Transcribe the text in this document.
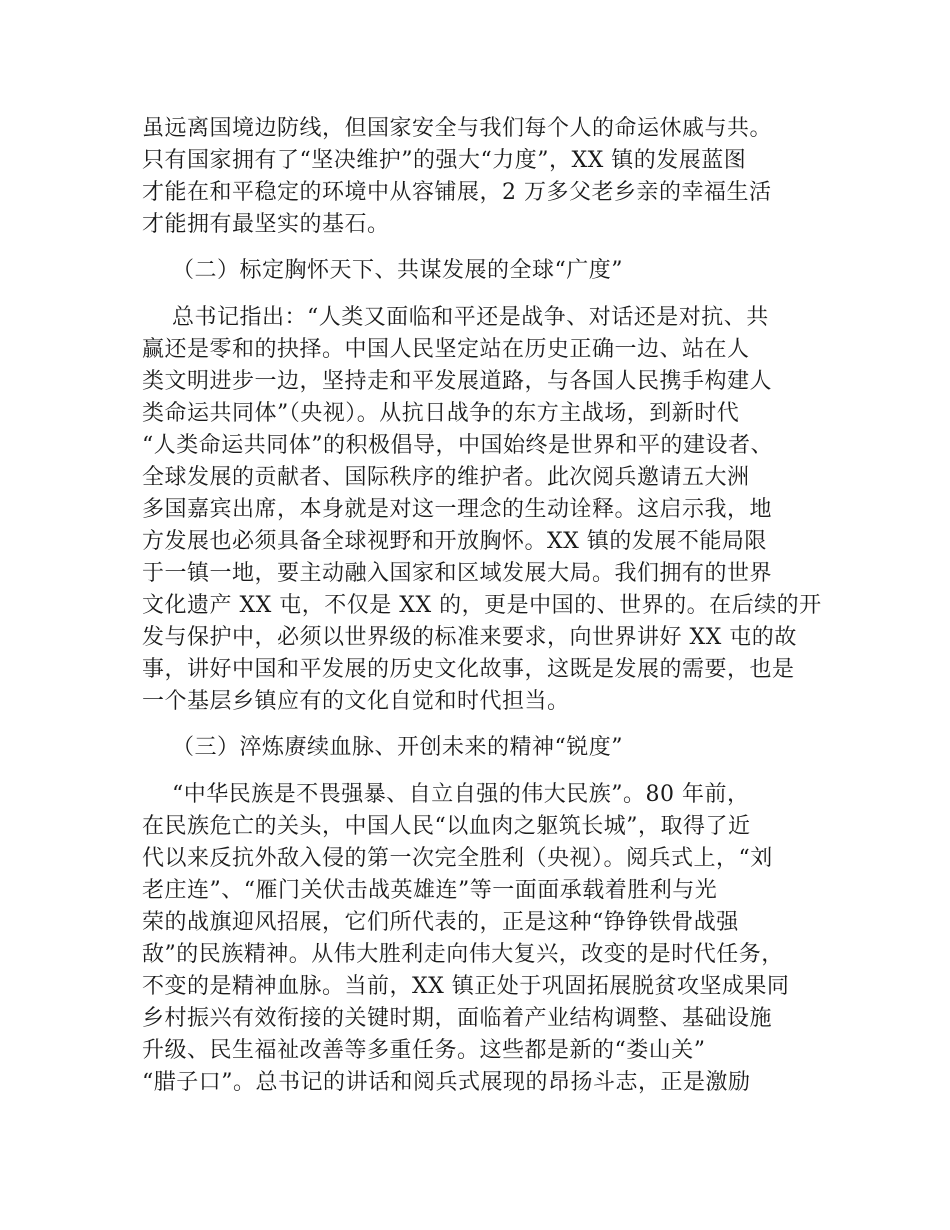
虽远离国境边防线，但国家安全与我们每个人的命运休戚与共。
只有国家拥有了“坚决维护”的强大“力度”，XX 镇的发展蓝图
才能在和平稳定的环境中从容铺展，2 万多父老乡亲的幸福生活
才能拥有最坚实的基石。
（二）标定胸怀天下、共谋发展的全球“广度”
总书记指出：“人类又面临和平还是战争、对话还是对抗、共
赢还是零和的抉择。中国人民坚定站在历史正确一边、站在人
类文明进步一边，坚持走和平发展道路，与各国人民携手构建人
类命运共同体”（央视）。从抗日战争的东方主战场，到新时代
“人类命运共同体”的积极倡导，中国始终是世界和平的建设者、
全球发展的贡献者、国际秩序的维护者。此次阅兵邀请五大洲
多国嘉宾出席，本身就是对这一理念的生动诠释。这启示我，地
方发展也必须具备全球视野和开放胸怀。XX 镇的发展不能局限
于一镇一地，要主动融入国家和区域发展大局。我们拥有的世界
文化遗产 XX 屯，不仅是 XX 的，更是中国的、世界的。在后续的开
发与保护中，必须以世界级的标准来要求，向世界讲好 XX 屯的故
事，讲好中国和平发展的历史文化故事，这既是发展的需要，也是
一个基层乡镇应有的文化自觉和时代担当。
（三）淬炼赓续血脉、开创未来的精神“锐度”
“中华民族是不畏强暴、自立自强的伟大民族”。80 年前，
在民族危亡的关头，中国人民“以血肉之躯筑长城”，取得了近
代以来反抗外敌入侵的第一次完全胜利（央视）。阅兵式上，“刘
老庄连”、“雁门关伏击战英雄连”等一面面承载着胜利与光
荣的战旗迎风招展，它们所代表的，正是这种“铮铮铁骨战强
敌”的民族精神。从伟大胜利走向伟大复兴，改变的是时代任务，
不变的是精神血脉。当前，XX 镇正处于巩固拓展脱贫攻坚成果同
乡村振兴有效衔接的关键时期，面临着产业结构调整、基础设施
升级、民生福祉改善等多重任务。这些都是新的“娄山关”
“腊子口”。总书记的讲话和阅兵式展现的昂扬斗志，正是激励
